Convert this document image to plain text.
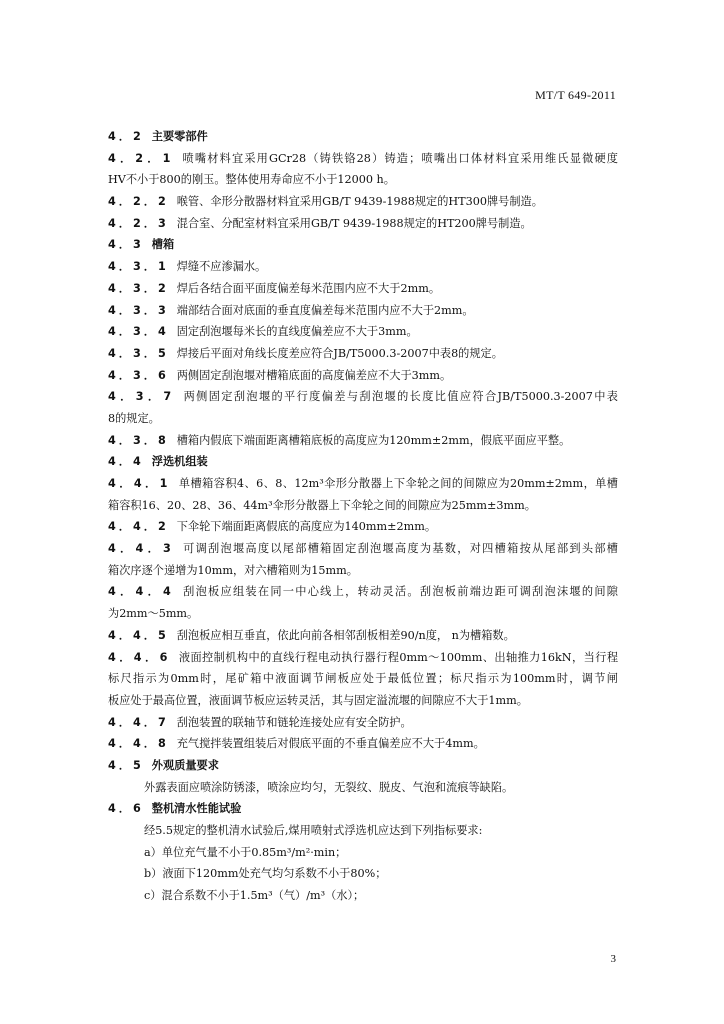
MT/T 649-2011
4．2 主要零部件
4．2．1 喷嘴材料宜采用GCr28（铸铁铬28）铸造；喷嘴出口体材料宜采用维氏显微硬度
HV不小于800的刚玉。整体使用寿命应不小于12000 h。
4．2．2 喉管、伞形分散器材料宜采用GB/T 9439-1988规定的HT300牌号制造。
4．2．3 混合室、分配室材料宜采用GB/T 9439-1988规定的HT200牌号制造。
4．3 槽箱
4．3．1 焊缝不应渗漏水。
4．3．2 焊后各结合面平面度偏差每米范围内应不大于2mm。
4．3．3 端部结合面对底面的垂直度偏差每米范围内应不大于2mm。
4．3．4 固定刮泡堰每米长的直线度偏差应不大于3mm。
4．3．5 焊接后平面对角线长度差应符合JB/T5000.3-2007中表8的规定。
4．3．6 两侧固定刮泡堰对槽箱底面的高度偏差应不大于3mm。
4．3．7 两侧固定刮泡堰的平行度偏差与刮泡堰的长度比值应符合JB/T5000.3-2007中表
8的规定。
4．3．8 槽箱内假底下端面距离槽箱底板的高度应为120mm±2mm，假底平面应平整。
4．4 浮选机组装
4．4．1 单槽箱容积4、6、8、12m³伞形分散器上下伞轮之间的间隙应为20mm±2mm，单槽
箱容积16、20、28、36、44m³伞形分散器上下伞轮之间的间隙应为25mm±3mm。
4．4．2 下伞轮下端面距离假底的高度应为140mm±2mm。
4．4．3 可调刮泡堰高度以尾部槽箱固定刮泡堰高度为基数，对四槽箱按从尾部到头部槽
箱次序逐个递增为10mm，对六槽箱则为15mm。
4．4．4 刮泡板应组装在同一中心线上，转动灵活。刮泡板前端边距可调刮泡沫堰的间隙
为2mm～5mm。
4．4．5 刮泡板应相互垂直，依此向前各相邻刮板相差90/n度， n为槽箱数。
4．4．6 液面控制机构中的直线行程电动执行器行程0mm～100mm、出轴推力16kN，当行程
标尺指示为0mm时，尾矿箱中液面调节闸板应处于最低位置；标尺指示为100mm时，调节闸
板应处于最高位置，液面调节板应运转灵活，其与固定溢流堰的间隙应不大于1mm。
4．4．7 刮泡装置的联轴节和链轮连接处应有安全防护。
4．4．8 充气搅拌装置组装后对假底平面的不垂直偏差应不大于4mm。
4．5 外观质量要求
外露表面应喷涂防锈漆，喷涂应均匀，无裂纹、脱皮、气泡和流痕等缺陷。
4．6 整机清水性能试验
经5.5规定的整机清水试验后,煤用喷射式浮选机应达到下列指标要求:
a）单位充气量不小于0.85m³/m²·min；
b）液面下120mm处充气均匀系数不小于80%；
c）混合系数不小于1.5m³（气）/m³（水）；
3
